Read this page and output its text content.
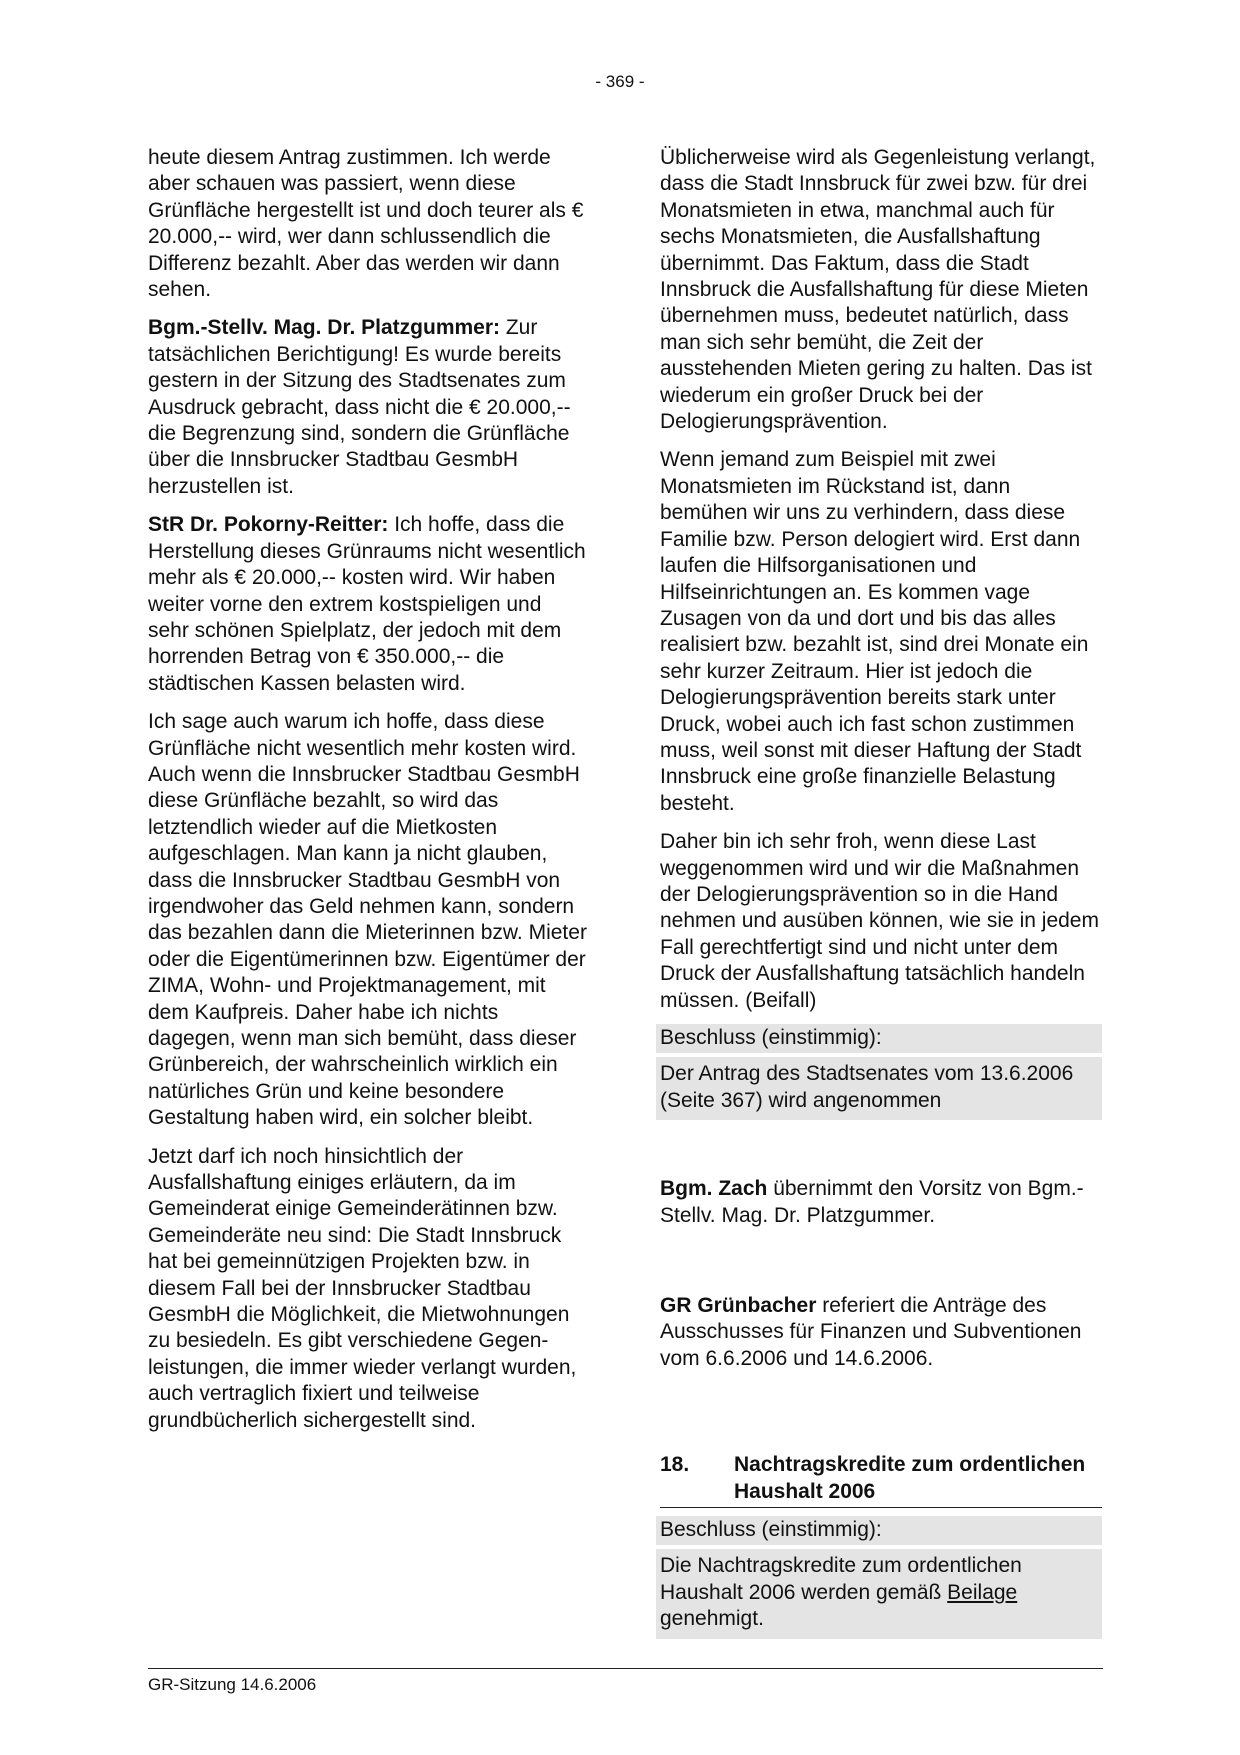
- 369 -

heute diesem Antrag zustimmen. Ich werde aber schauen was passiert, wenn diese Grünfläche hergestellt ist und doch teurer als € 20.000,-- wird, wer dann schlussendlich die Differenz bezahlt. Aber das werden wir dann sehen.

Bgm.-Stellv. Mag. Dr. Platzgummer: Zur tatsächlichen Berichtigung! Es wurde bereits gestern in der Sitzung des Stadtsenates zum Ausdruck gebracht, dass nicht die € 20.000,-- die Begrenzung sind, sondern die Grünfläche über die Innsbrucker Stadtbau GesmbH herzustellen ist.

StR Dr. Pokorny-Reitter: Ich hoffe, dass die Herstellung dieses Grünraums nicht wesentlich mehr als € 20.000,-- kosten wird. Wir haben weiter vorne den extrem kostspieligen und sehr schönen Spielplatz, der jedoch mit dem horrenden Betrag von € 350.000,-- die städtischen Kassen belasten wird.

Ich sage auch warum ich hoffe, dass diese Grünfläche nicht wesentlich mehr kosten wird. Auch wenn die Innsbrucker Stadtbau GesmbH diese Grünfläche bezahlt, so wird das letztendlich wieder auf die Mietkosten aufgeschlagen. Man kann ja nicht glauben, dass die Innsbrucker Stadtbau GesmbH von irgendwoher das Geld nehmen kann, sondern das bezahlen dann die Mieterinnen bzw. Mieter oder die Eigentümerinnen bzw. Eigentümer der ZIMA, Wohn- und Projektmanagement, mit dem Kaufpreis. Daher habe ich nichts dagegen, wenn man sich bemüht, dass dieser Grünbereich, der wahrscheinlich wirklich ein natürliches Grün und keine besondere Gestaltung haben wird, ein solcher bleibt.

Jetzt darf ich noch hinsichtlich der Ausfallshaftung einiges erläutern, da im Gemeinderat einige Gemeinderätinnen bzw. Gemeinderäte neu sind: Die Stadt Innsbruck hat bei gemeinnützigen Projekten bzw. in diesem Fall bei der Innsbrucker Stadtbau GesmbH die Möglichkeit, die Mietwohnungen zu besiedeln. Es gibt verschiedene Gegenleistungen, die immer wieder verlangt wurden, auch vertraglich fixiert und teilweise grundbücherlich sichergestellt sind.

Üblicherweise wird als Gegenleistung verlangt, dass die Stadt Innsbruck für zwei bzw. für drei Monatsmieten in etwa, manchmal auch für sechs Monatsmieten, die Ausfallshaftung übernimmt. Das Faktum, dass die Stadt Innsbruck die Ausfallshaftung für diese Mieten übernehmen muss, bedeutet natürlich, dass man sich sehr bemüht, die Zeit der ausstehenden Mieten gering zu halten. Das ist wiederum ein großer Druck bei der Delogierungsprävention.

Wenn jemand zum Beispiel mit zwei Monatsmieten im Rückstand ist, dann bemühen wir uns zu verhindern, dass diese Familie bzw. Person delogiert wird. Erst dann laufen die Hilfsorganisationen und Hilfseinrichtungen an. Es kommen vage Zusagen von da und dort und bis das alles realisiert bzw. bezahlt ist, sind drei Monate ein sehr kurzer Zeitraum. Hier ist jedoch die Delogierungsprävention bereits stark unter Druck, wobei auch ich fast schon zustimmen muss, weil sonst mit dieser Haftung der Stadt Innsbruck eine große finanzielle Belastung besteht.

Daher bin ich sehr froh, wenn diese Last weggenommen wird und wir die Maßnahmen der Delogierungsprävention so in die Hand nehmen und ausüben können, wie sie in jedem Fall gerechtfertigt sind und nicht unter dem Druck der Ausfallshaftung tatsächlich handeln müssen. (Beifall)

Beschluss (einstimmig):
Der Antrag des Stadtsenates vom 13.6.2006 (Seite 367) wird angenommen

Bgm. Zach übernimmt den Vorsitz von Bgm.-Stellv. Mag. Dr. Platzgummer.

GR Grünbacher referiert die Anträge des Ausschusses für Finanzen und Subventionen vom 6.6.2006 und 14.6.2006.

18.	Nachtragskredite zum ordentlichen Haushalt 2006
Beschluss (einstimmig):
Die Nachtragskredite zum ordentlichen Haushalt 2006 werden gemäß Beilage genehmigt.
GR-Sitzung 14.6.2006
